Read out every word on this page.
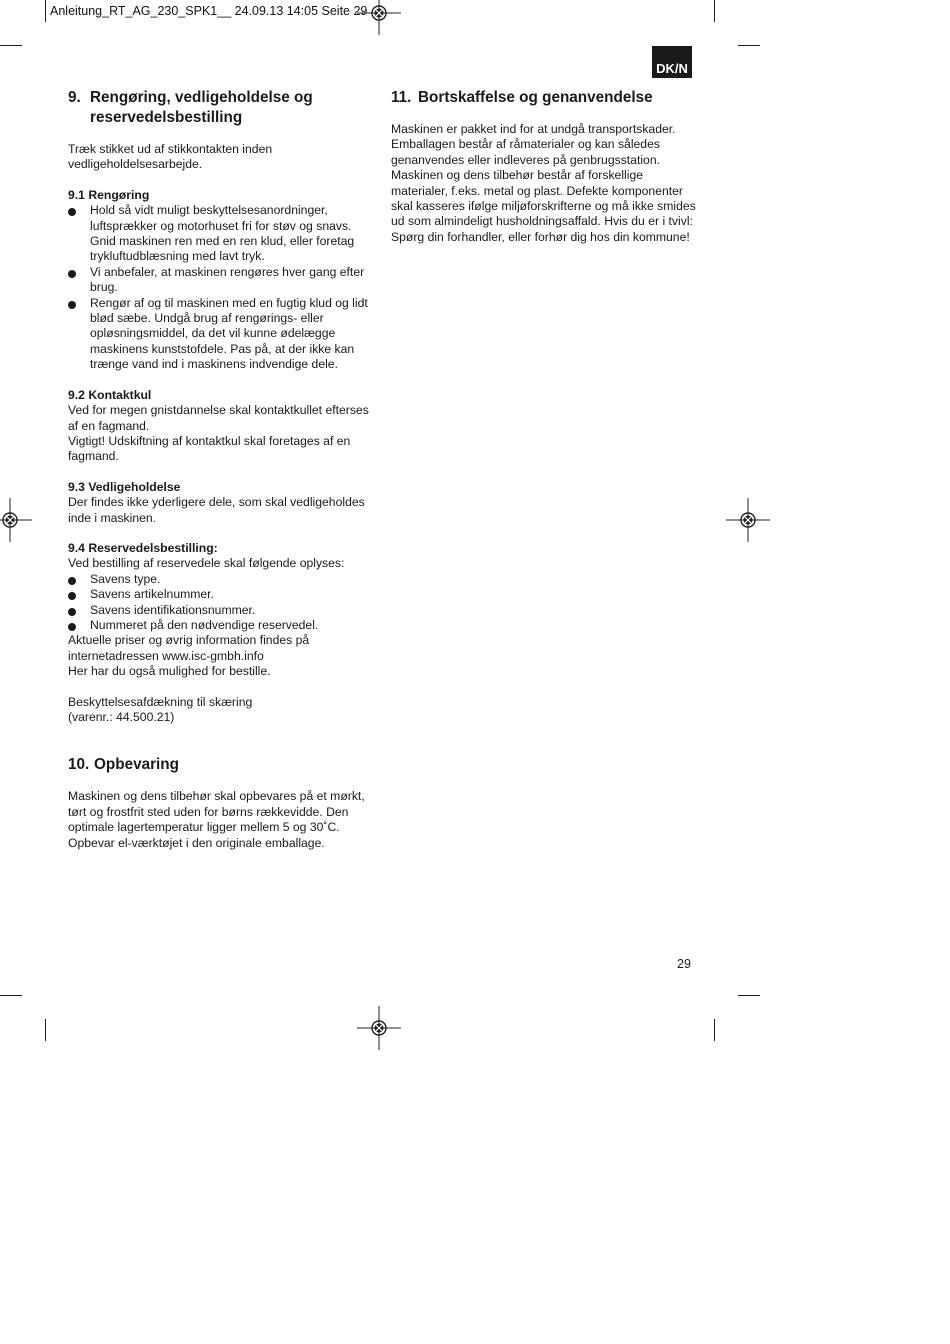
Anleitung_RT_AG_230_SPK1__ 24.09.13 14:05 Seite 29
DK/N
9. Rengøring, vedligeholdelse og reservedelsbestilling

Træk stikket ud af stikkontakten inden vedligeholdelsesarbejde.

9.1 Rengøring

Hold så vidt muligt beskyttelsesanordninger, luftsprækker og motorhuset fri for støv og snavs. Gnid maskinen ren med en ren klud, eller foretag trykluftudblæsning med lavt tryk.
Vi anbefaler, at maskinen rengøres hver gang efter brug.
Rengør af og til maskinen med en fugtig klud og lidt blød sæbe. Undgå brug af rengørings- eller opløsningsmiddel, da det vil kunne ødelægge maskinens kunststofdele. Pas på, at der ikke kan trænge vand ind i maskinens indvendige dele.

9.2 Kontaktkul

Ved for megen gnistdannelse skal kontaktkullet efterses af en fagmand.

Vigtigt! Udskiftning af kontaktkul skal foretages af en fagmand.

9.3 Vedligeholdelse

Der findes ikke yderligere dele, som skal vedligeholdes inde i maskinen.

9.4 Reservedelsbestilling:

Ved bestilling af reservedele skal følgende oplyses:

Savens type.
Savens artikelnummer.
Savens identifikationsnummer.
Nummeret på den nødvendige reservedel.

Aktuelle priser og øvrig information findes på internetadressen www.isc-gmbh.info

Her har du også mulighed for bestille.

Beskyttelsesafdækning til skæring

(varenr.: 44.500.21)

10. Opbevaring

Maskinen og dens tilbehør skal opbevares på et mørkt, tørt og frostfrit sted uden for børns rækkevidde. Den optimale lagertemperatur ligger mellem 5 og 30˚C. Opbevar el-værktøjet i den originale emballage.

11. Bortskaffelse og genanvendelse

Maskinen er pakket ind for at undgå transportskader. Emballagen består af råmaterialer og kan således genanvendes eller indleveres på genbrugsstation. Maskinen og dens tilbehør består af forskellige materialer, f.eks. metal og plast. Defekte komponenter skal kasseres ifølge miljøforskrifterne og må ikke smides ud som almindeligt husholdningsaffald. Hvis du er i tvivl: Spørg din forhandler, eller forhør dig hos din kommune!

29
